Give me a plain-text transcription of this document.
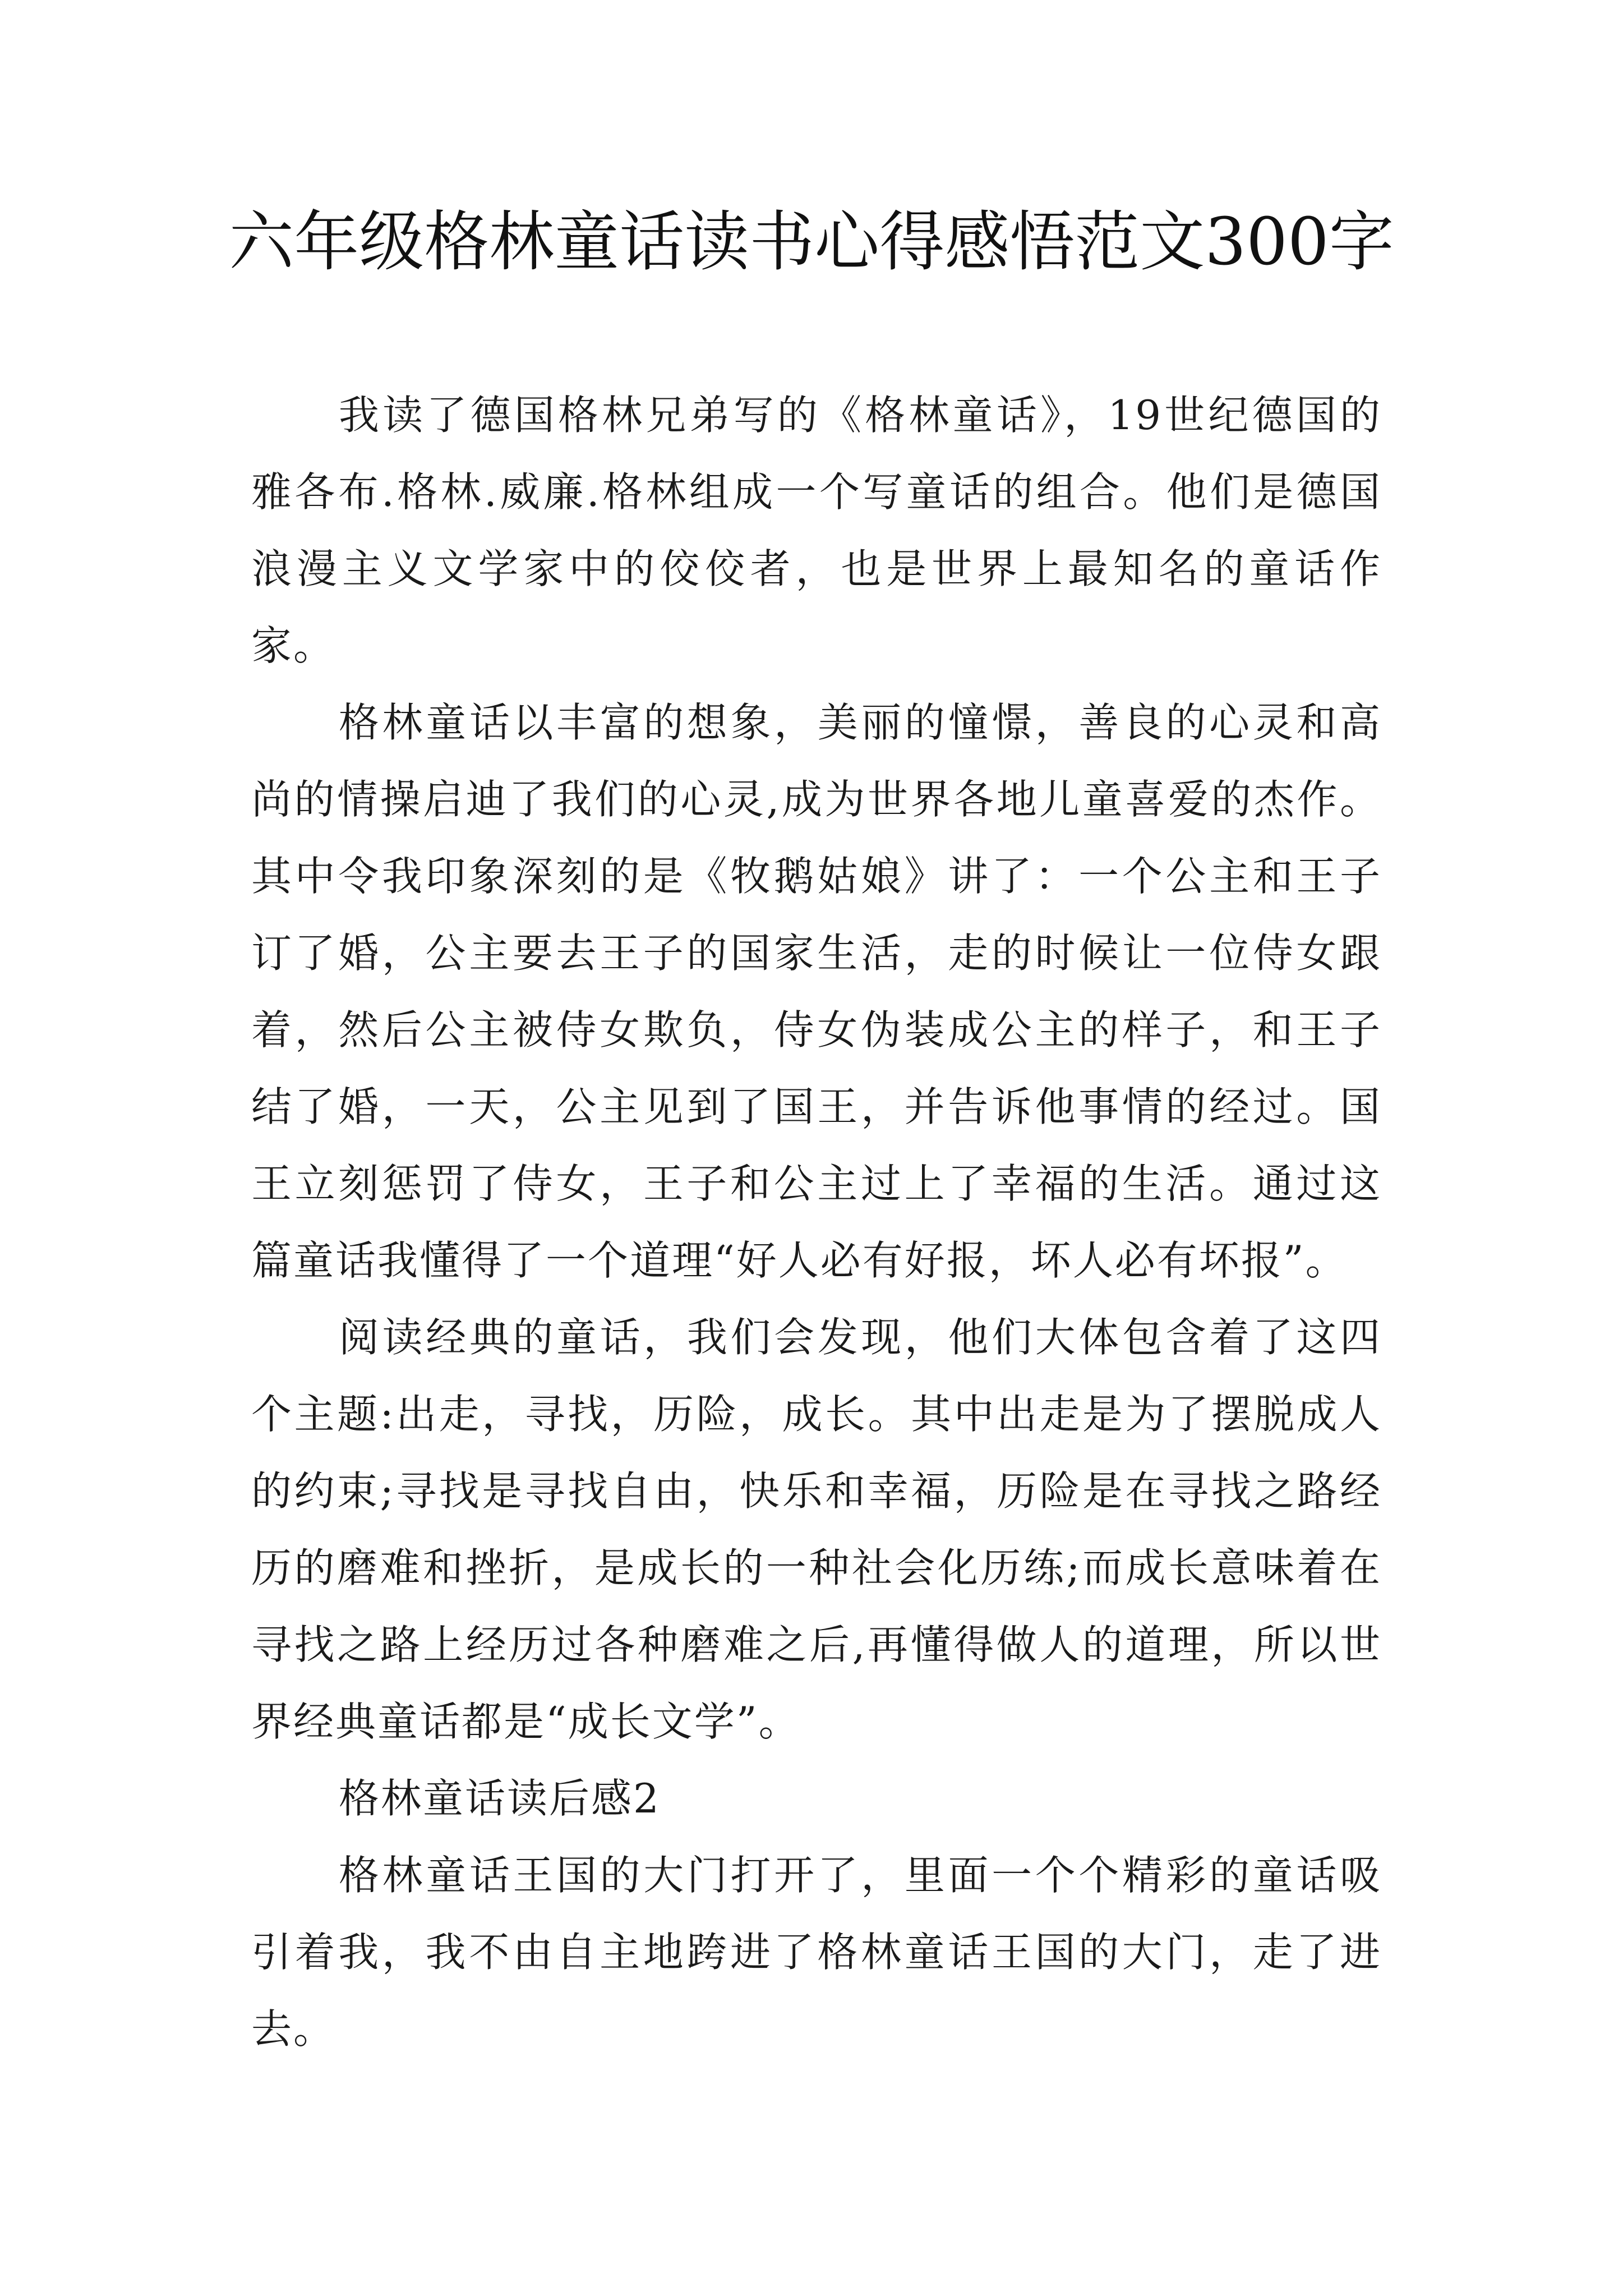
六年级格林童话读书心得感悟范文300字

我读了德国格林兄弟写的《格林童话》，19世纪德国的雅各布.格林.威廉.格林组成一个写童话的组合。他们是德国浪漫主义文学家中的佼佼者，也是世界上最知名的童话作家。

格林童话以丰富的想象，美丽的憧憬，善良的心灵和高尚的情操启迪了我们的心灵,成为世界各地儿童喜爱的杰作。其中令我印象深刻的是《牧鹅姑娘》讲了：一个公主和王子订了婚，公主要去王子的国家生活，走的时候让一位侍女跟着，然后公主被侍女欺负，侍女伪装成公主的样子，和王子结了婚，一天，公主见到了国王，并告诉他事情的经过。国王立刻惩罚了侍女，王子和公主过上了幸福的生活。通过这篇童话我懂得了一个道理“好人必有好报，坏人必有坏报”。

阅读经典的童话，我们会发现，他们大体包含着了这四个主题:出走，寻找，历险，成长。其中出走是为了摆脱成人的约束;寻找是寻找自由，快乐和幸福，历险是在寻找之路经历的磨难和挫折，是成长的一种社会化历练;而成长意味着在寻找之路上经历过各种磨难之后,再懂得做人的道理，所以世界经典童话都是“成长文学”。

格林童话读后感2

格林童话王国的大门打开了，里面一个个精彩的童话吸引着我，我不由自主地跨进了格林童话王国的大门，走了进去。
